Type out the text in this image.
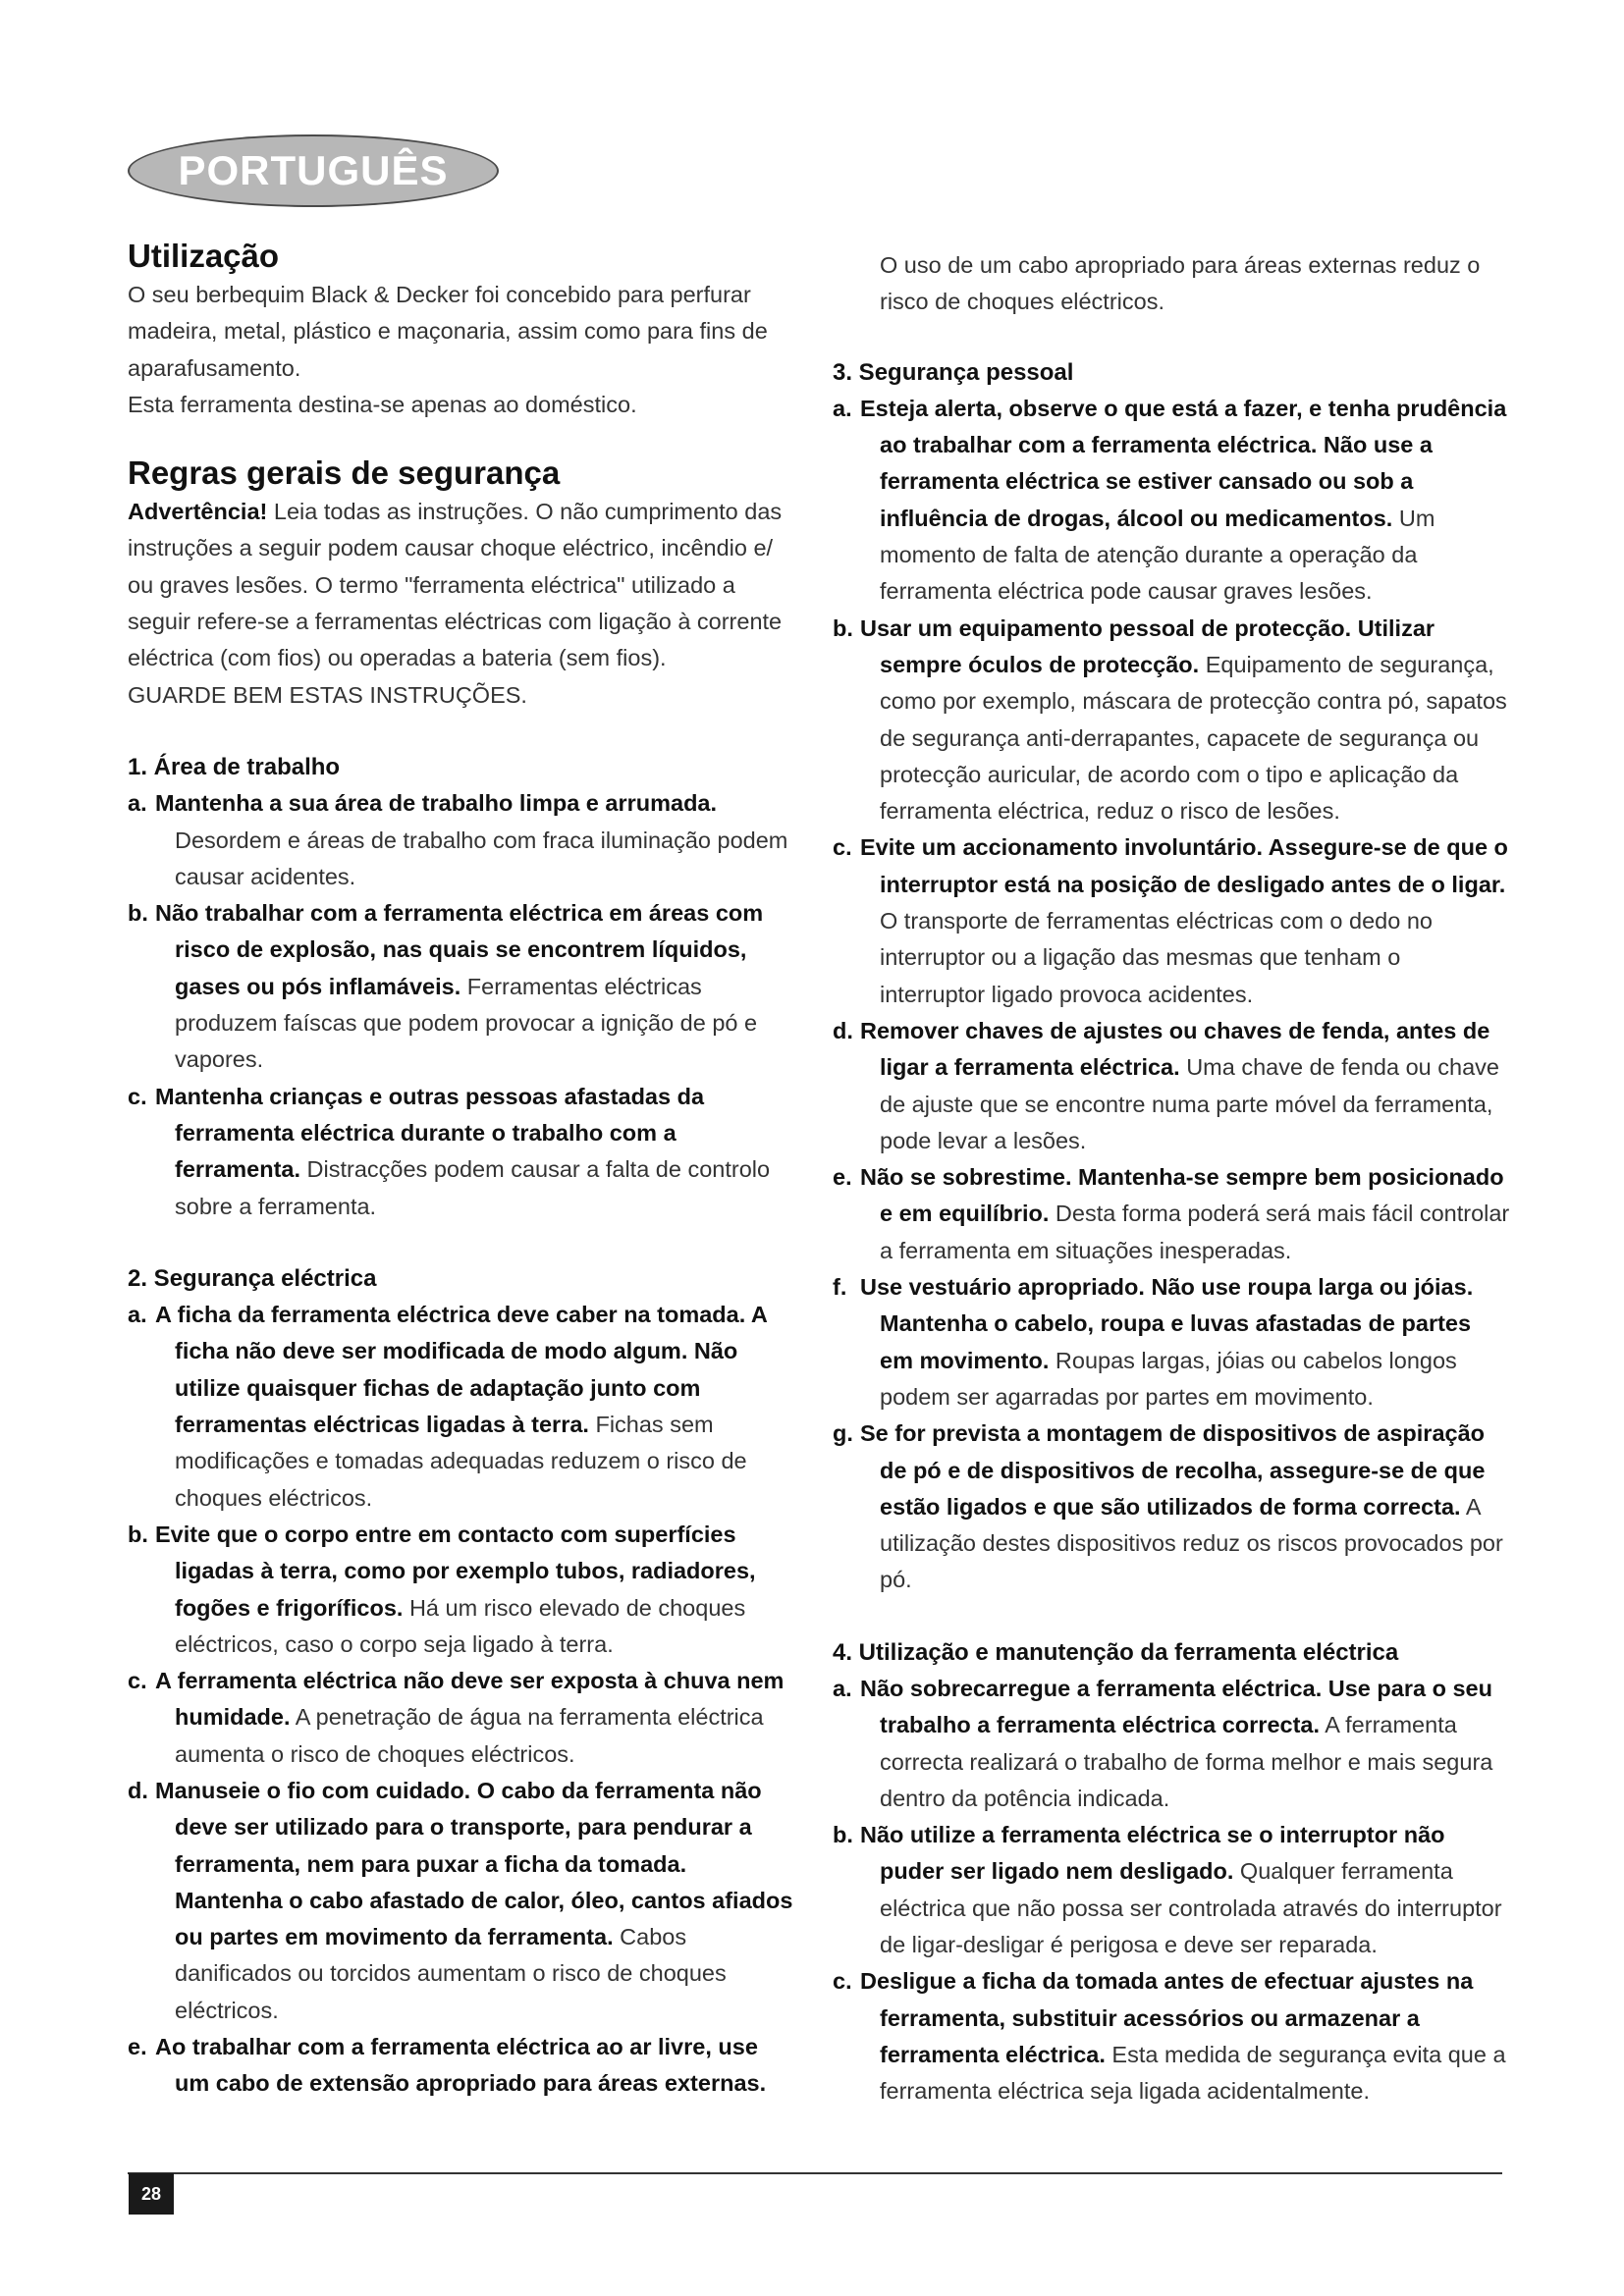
PORTUGUÊS
Utilização

O seu berbequim Black & Decker foi concebido para perfurar madeira, metal, plástico e maçonaria, assim como para fins de aparafusamento.

Esta ferramenta destina-se apenas ao doméstico.

Regras gerais de segurança

Advertência! Leia todas as instruções. O não cumprimento das instruções a seguir podem causar choque eléctrico, incêndio e/ ou graves lesões. O termo "ferramenta eléctrica" utilizado a seguir refere-se a ferramentas eléctricas com ligação à corrente eléctrica (com fios) ou operadas a bateria (sem fios).

GUARDE BEM ESTAS INSTRUÇÕES.

1. Área de trabalho

a. Mantenha a sua área de trabalho limpa e arrumada. Desordem e áreas de trabalho com fraca iluminação podem causar acidentes.

b. Não trabalhar com a ferramenta eléctrica em áreas com risco de explosão, nas quais se encontrem líquidos, gases ou pós inflamáveis. Ferramentas eléctricas produzem faíscas que podem provocar a ignição de pó e vapores.

c. Mantenha crianças e outras pessoas afastadas da ferramenta eléctrica durante o trabalho com a ferramenta. Distracções podem causar a falta de controlo sobre a ferramenta.

2. Segurança eléctrica

a. A ficha da ferramenta eléctrica deve caber na tomada. A ficha não deve ser modificada de modo algum. Não utilize quaisquer fichas de adaptação junto com ferramentas eléctricas ligadas à terra. Fichas sem modificações e tomadas adequadas reduzem o risco de choques eléctricos.

b. Evite que o corpo entre em contacto com superfícies ligadas à terra, como por exemplo tubos, radiadores, fogões e frigoríficos. Há um risco elevado de choques eléctricos, caso o corpo seja ligado à terra.

c. A ferramenta eléctrica não deve ser exposta à chuva nem humidade. A penetração de água na ferramenta eléctrica aumenta o risco de choques eléctricos.

d. Manuseie o fio com cuidado. O cabo da ferramenta não deve ser utilizado para o transporte, para pendurar a ferramenta, nem para puxar a ficha da tomada. Mantenha o cabo afastado de calor, óleo, cantos afiados ou partes em movimento da ferramenta. Cabos danificados ou torcidos aumentam o risco de choques eléctricos.

e. Ao trabalhar com a ferramenta eléctrica ao ar livre, use um cabo de extensão apropriado para áreas externas.

O uso de um cabo apropriado para áreas externas reduz o risco de choques eléctricos.

3. Segurança pessoal

a. Esteja alerta, observe o que está a fazer, e tenha prudência ao trabalhar com a ferramenta eléctrica. Não use a ferramenta eléctrica se estiver cansado ou sob a influência de drogas, álcool ou medicamentos. Um momento de falta de atenção durante a operação da ferramenta eléctrica pode causar graves lesões.

b. Usar um equipamento pessoal de protecção. Utilizar sempre óculos de protecção. Equipamento de segurança, como por exemplo, máscara de protecção contra pó, sapatos de segurança anti-derrapantes, capacete de segurança ou protecção auricular, de acordo com o tipo e aplicação da ferramenta eléctrica, reduz o risco de lesões.

c. Evite um accionamento involuntário. Assegure-se de que o interruptor está na posição de desligado antes de o ligar. O transporte de ferramentas eléctricas com o dedo no interruptor ou a ligação das mesmas que tenham o interruptor ligado provoca acidentes.

d. Remover chaves de ajustes ou chaves de fenda, antes de ligar a ferramenta eléctrica. Uma chave de fenda ou chave de ajuste que se encontre numa parte móvel da ferramenta, pode levar a lesões.

e. Não se sobrestime. Mantenha-se sempre bem posicionado e em equilíbrio. Desta forma poderá será mais fácil controlar a ferramenta em situações inesperadas.

f. Use vestuário apropriado. Não use roupa larga ou jóias. Mantenha o cabelo, roupa e luvas afastadas de partes em movimento. Roupas largas, jóias ou cabelos longos podem ser agarradas por partes em movimento.

g. Se for prevista a montagem de dispositivos de aspiração de pó e de dispositivos de recolha, assegure-se de que estão ligados e que são utilizados de forma correcta. A utilização destes dispositivos reduz os riscos provocados por pó.

4. Utilização e manutenção da ferramenta eléctrica

a. Não sobrecarregue a ferramenta eléctrica. Use para o seu trabalho a ferramenta eléctrica correcta. A ferramenta correcta realizará o trabalho de forma melhor e mais segura dentro da potência indicada.

b. Não utilize a ferramenta eléctrica se o interruptor não puder ser ligado nem desligado. Qualquer ferramenta eléctrica que não possa ser controlada através do interruptor de ligar-desligar é perigosa e deve ser reparada.

c. Desligue a ficha da tomada antes de efectuar ajustes na ferramenta, substituir acessórios ou armazenar a ferramenta eléctrica. Esta medida de segurança evita que a ferramenta eléctrica seja ligada acidentalmente.

28
